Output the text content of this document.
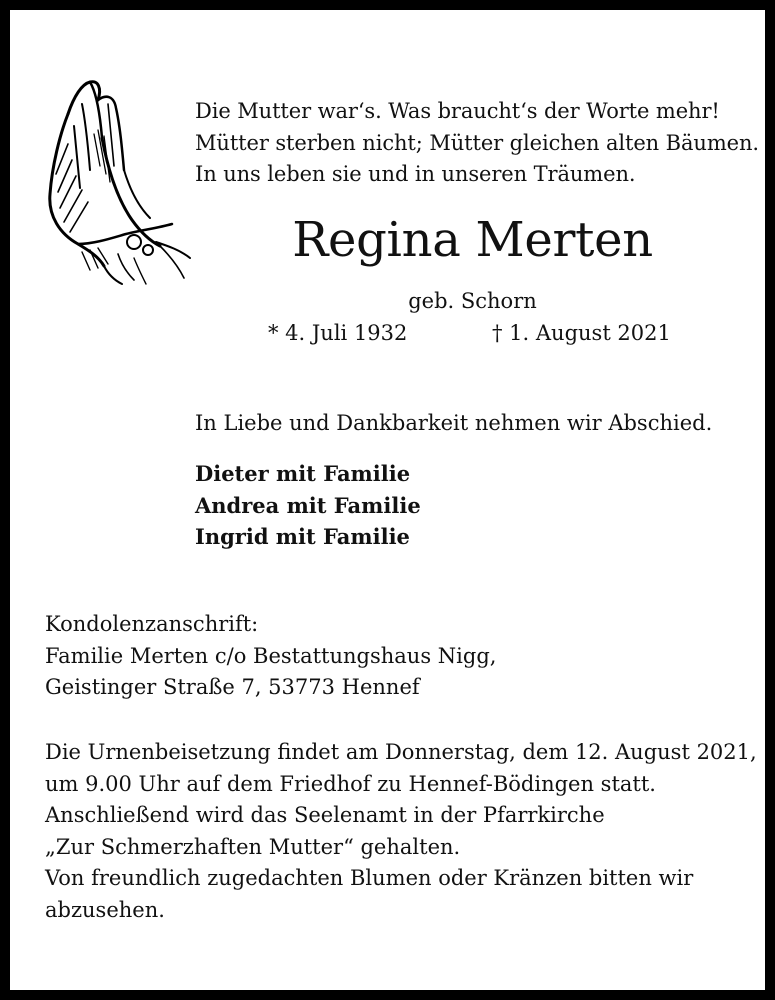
Die Mutter war‘s. Was braucht‘s der Worte mehr!
Mütter sterben nicht; Mütter gleichen alten Bäumen.
In uns leben sie und in unseren Träumen.
Regina Merten
geb. Schorn
* 4. Juli 1932	† 1. August 2021
In Liebe und Dankbarkeit nehmen wir Abschied.
Dieter mit Familie
Andrea mit Familie
Ingrid mit Familie
Kondolenzanschrift:
Familie Merten c/o Bestattungshaus Nigg,
Geistinger Straße 7, 53773 Hennef
Die Urnenbeisetzung findet am Donnerstag, dem 12. August 2021,
um 9.00 Uhr auf dem Friedhof zu Hennef-Bödingen statt.
Anschließend wird das Seelenamt in der Pfarrkirche
„Zur Schmerzhaften Mutter“ gehalten.
Von freundlich zugedachten Blumen oder Kränzen bitten wir
abzusehen.
